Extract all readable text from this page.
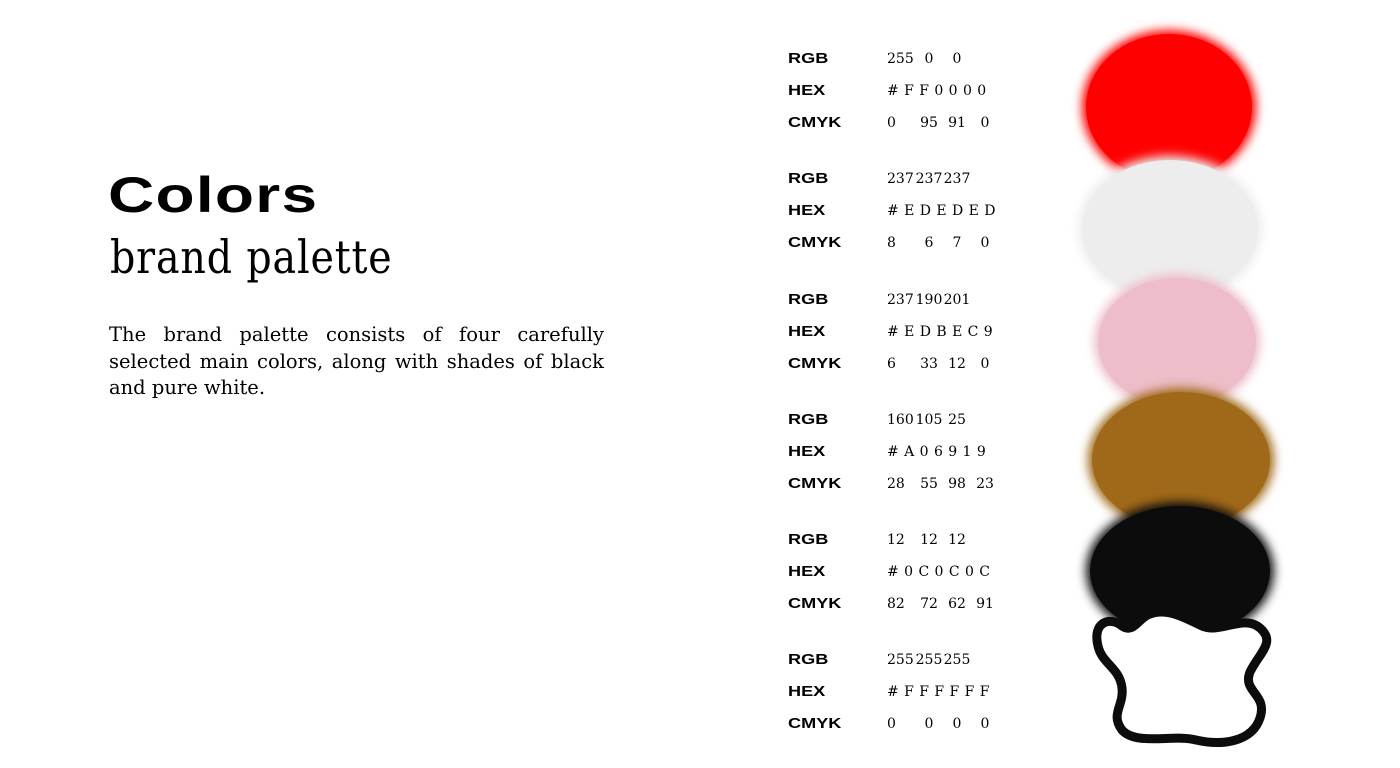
Colors
brand palette

The brand palette consists of four carefully selected main colors, along with shades of black and pure white.

RGB	255 0	0
HEX	#FF0000
CMYK	0	95 91	0
RGB	237 237 237
HEX	#EDEDED
CMYK	8	6	7	0
RGB	237 190 201
HEX	#EDBEC9
CMYK	6	33 12	0
RGB	160 105 25
HEX	#A06919
CMYK	28	55 98 23
RGB	12	12 12
HEX	#0C0C0C
CMYK	82	72 62 91
RGB	255 255 255
HEX	#FFFFFF
CMYK	0	0	0	0
